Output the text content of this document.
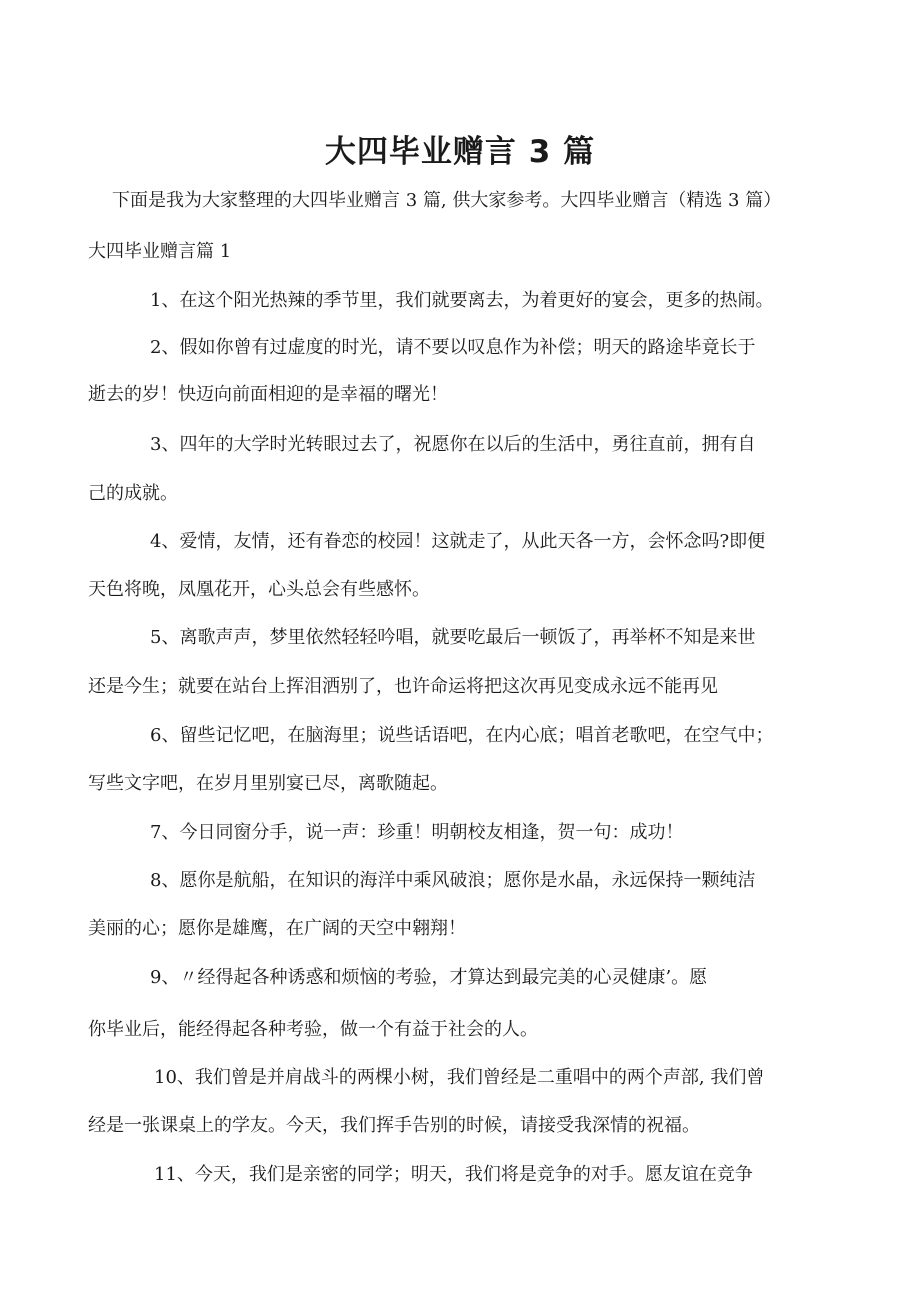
大四毕业赠言 3 篇

下面是我为大家整理的大四毕业赠言 3 篇, 供大家参考。大四毕业赠言（精选 3 篇）

大四毕业赠言篇 1

1、在这个阳光热辣的季节里，我们就要离去，为着更好的宴会，更多的热闹。

2、假如你曾有过虚度的时光，请不要以叹息作为补偿；明天的路途毕竟长于

逝去的岁！快迈向前面相迎的是幸福的曙光！

3、四年的大学时光转眼过去了，祝愿你在以后的生活中，勇往直前，拥有自

己的成就。

4、爱情，友情，还有眷恋的校园！这就走了，从此天各一方，会怀念吗?即便

天色将晚，凤凰花开，心头总会有些感怀。

5、离歌声声，梦里依然轻轻吟唱，就要吃最后一顿饭了，再举杯不知是来世

还是今生；就要在站台上挥泪洒别了，也许命运将把这次再见变成永远不能再见

6、留些记忆吧，在脑海里；说些话语吧，在内心底；唱首老歌吧，在空气中；

写些文字吧，在岁月里别宴已尽，离歌随起。

7、今日同窗分手，说一声：珍重！明朝校友相逢，贺一句：成功！

8、愿你是航船，在知识的海洋中乘风破浪；愿你是水晶，永远保持一颗纯洁

美丽的心；愿你是雄鹰，在广阔的天空中翱翔！

9、〃经得起各种诱惑和烦恼的考验，才算达到最完美的心灵健康’。愿

你毕业后，能经得起各种考验，做一个有益于社会的人。

10、我们曾是并肩战斗的两棵小树，我们曾经是二重唱中的两个声部, 我们曾

经是一张课桌上的学友。今天，我们挥手告别的时候，请接受我深情的祝福。

11、今天，我们是亲密的同学；明天，我们将是竞争的对手。愿友谊在竞争
